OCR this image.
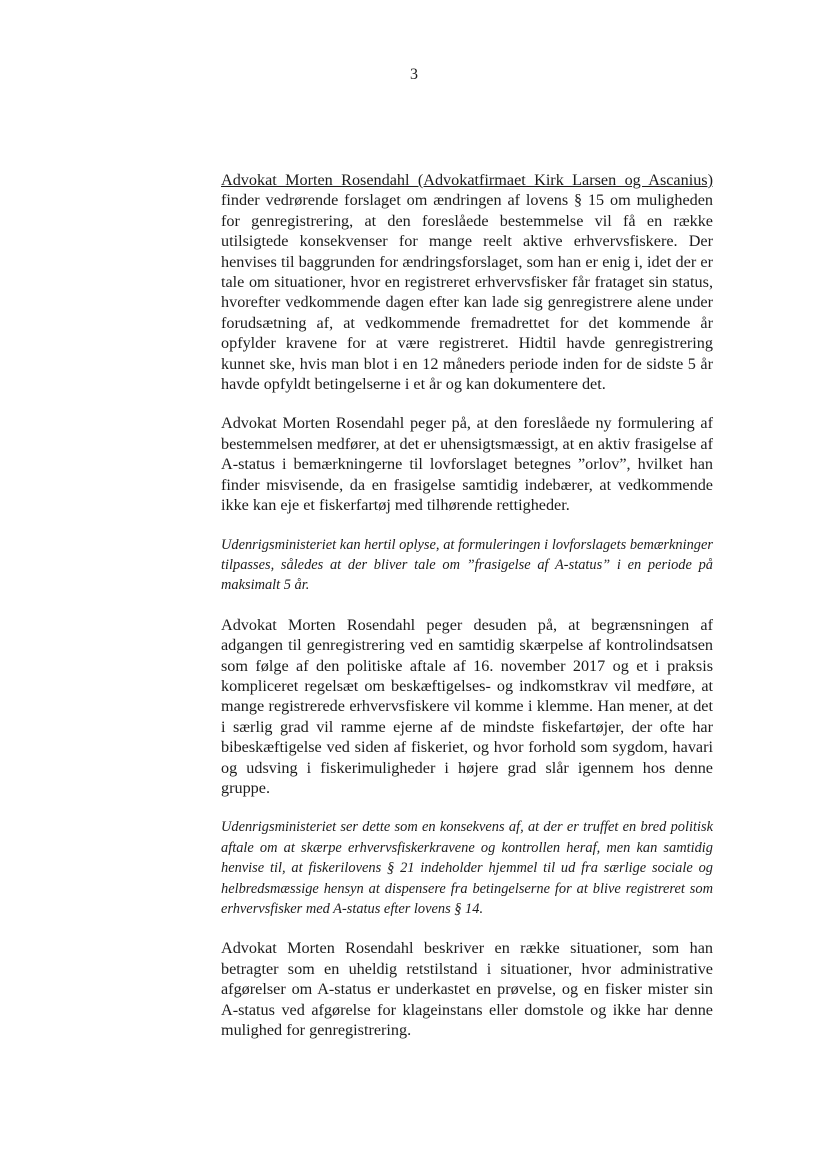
3

Advokat Morten Rosendahl (Advokatfirmaet Kirk Larsen og Ascanius) finder vedrørende forslaget om ændringen af lovens § 15 om muligheden for genregistrering, at den foreslåede bestemmelse vil få en række utilsigtede konsekvenser for mange reelt aktive erhvervsfiskere. Der henvises til baggrunden for ændringsforslaget, som han er enig i, idet der er tale om situationer, hvor en registreret erhvervsfisker får frataget sin status, hvorefter vedkommende dagen efter kan lade sig genregistrere alene under forudsætning af, at vedkommende fremadrettet for det kommende år opfylder kravene for at være registreret. Hidtil havde genregistrering kunnet ske, hvis man blot i en 12 måneders periode inden for de sidste 5 år havde opfyldt betingelserne i et år og kan dokumentere det.

Advokat Morten Rosendahl peger på, at den foreslåede ny formulering af bestemmelsen medfører, at det er uhensigtsmæssigt, at en aktiv frasigelse af A-status i bemærkningerne til lovforslaget betegnes ”orlov”, hvilket han finder misvisende, da en frasigelse samtidig indebærer, at vedkommende ikke kan eje et fiskerfartøj med tilhørende rettigheder.

Udenrigsministeriet kan hertil oplyse, at formuleringen i lovforslagets bemærkninger tilpasses, således at der bliver tale om ”frasigelse af A-status” i en periode på maksimalt 5 år.

Advokat Morten Rosendahl peger desuden på, at begrænsningen af adgangen til genregistrering ved en samtidig skærpelse af kontrolindsatsen som følge af den politiske aftale af 16. november 2017 og et i praksis kompliceret regelsæt om beskæftigelses- og indkomstkrav vil medføre, at mange registrerede erhvervsfiskere vil komme i klemme. Han mener, at det i særlig grad vil ramme ejerne af de mindste fiskefartøjer, der ofte har bibeskæftigelse ved siden af fiskeriet, og hvor forhold som sygdom, havari og udsving i fiskerimuligheder i højere grad slår igennem hos denne gruppe.

Udenrigsministeriet ser dette som en konsekvens af, at der er truffet en bred politisk aftale om at skærpe erhvervsfiskerkravene og kontrollen heraf, men kan samtidig henvise til, at fiskerilovens § 21 indeholder hjemmel til ud fra særlige sociale og helbredsmæssige hensyn at dispensere fra betingelserne for at blive registreret som erhvervsfisker med A-status efter lovens § 14.

Advokat Morten Rosendahl beskriver en række situationer, som han betragter som en uheldig retstilstand i situationer, hvor administrative afgørelser om A-status er underkastet en prøvelse, og en fisker mister sin A-status ved afgørelse for klageinstans eller domstole og ikke har denne mulighed for genregistrering.
